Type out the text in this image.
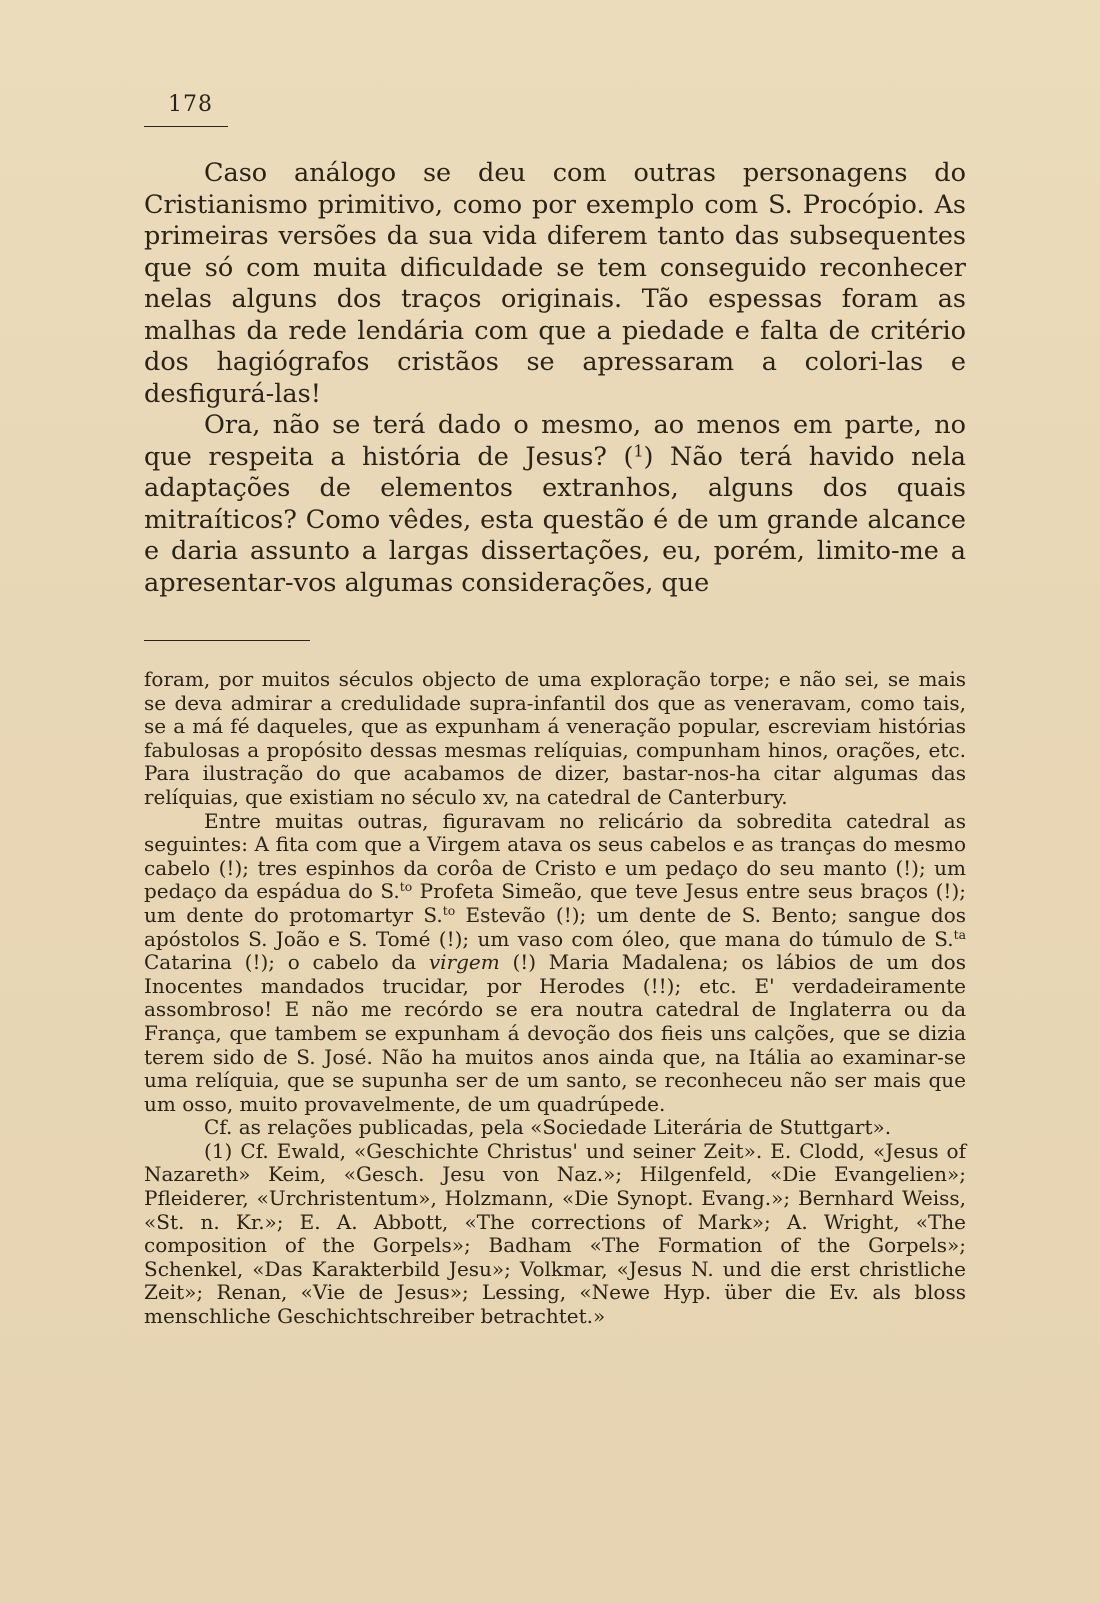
178

Caso análogo se deu com outras personagens do Cristianismo primitivo, como por exemplo com S. Procópio. As primeiras versões da sua vida diferem tanto das subsequentes que só com muita dificuldade se tem conseguido reconhecer nelas alguns dos traços originais. Tão espessas foram as malhas da rede lendária com que a piedade e falta de critério dos hagiógrafos cristãos se apressaram a colori-las e desfigurá-las!

Ora, não se terá dado o mesmo, ao menos em parte, no que respeita a história de Jesus? ($^1$) Não terá havido nela adaptações de elementos extranhos, alguns dos quais mitraíticos? Como vêdes, esta questão é de um grande alcance e daria assunto a largas dissertações, eu, porém, limito-me a apresentar-vos algumas considerações, que

foram, por muitos séculos objecto de uma exploração torpe; e não sei, se mais se deva admirar a credulidade supra-infantil dos que as veneravam, como tais, se a má fé daqueles, que as expunham á veneração popular, escreviam histórias fabulosas a propósito dessas mesmas relíquias, compunham hinos, orações, etc. Para ilustração do que acabamos de dizer, bastar-nos-ha citar algumas das relíquias, que existiam no século xv, na catedral de Canterbury.

Entre muitas outras, figuravam no relicário da sobredita catedral as seguintes: A fita com que a Virgem atava os seus cabelos e as tranças do mesmo cabelo (!); tres espinhos da corôa de Cristo e um pedaço do seu manto (!); um pedaço da espádua do S.$^{to}$ Profeta Simeão, que teve Jesus entre seus braços (!); um dente do protomartyr S.$^{to}$ Estevão (!); um dente de S. Bento; sangue dos apóstolos S. João e S. Tomé (!); um vaso com óleo, que mana do túmulo de S.$^{ta}$ Catarina (!); o cabelo da virgem (!) Maria Madalena; os lábios de um dos Inocentes mandados trucidar, por Herodes (!!); etc. E' verdadeiramente assombroso! E não me recórdo se era noutra catedral de Inglaterra ou da França, que tambem se expunham á devoção dos fieis uns calções, que se dizia terem sido de S. José. Não ha muitos anos ainda que, na Itália ao examinar-se uma relíquia, que se supunha ser de um santo, se reconheceu não ser mais que um osso, muito provavelmente, de um quadrúpede.

Cf. as relações publicadas, pela «Sociedade Literária de Stuttgart».

(1) Cf. Ewald, «Geschichte Christus' und seiner Zeit». E. Clodd, «Jesus of Nazareth» Keim, «Gesch. Jesu von Naz.»; Hilgenfeld, «Die Evangelien»; Pfleiderer, «Urchristentum», Holzmann, «Die Synopt. Evang.»; Bernhard Weiss, «St. n. Kr.»; E. A. Abbott, «The corrections of Mark»; A. Wright, «The composition of the Gorpels»; Badham «The Formation of the Gorpels»; Schenkel, «Das Karakterbild Jesu»; Volkmar, «Jesus N. und die erst christliche Zeit»; Renan, «Vie de Jesus»; Lessing, «Newe Hyp. über die Ev. als bloss menschliche Geschichtschreiber betrachtet.»
